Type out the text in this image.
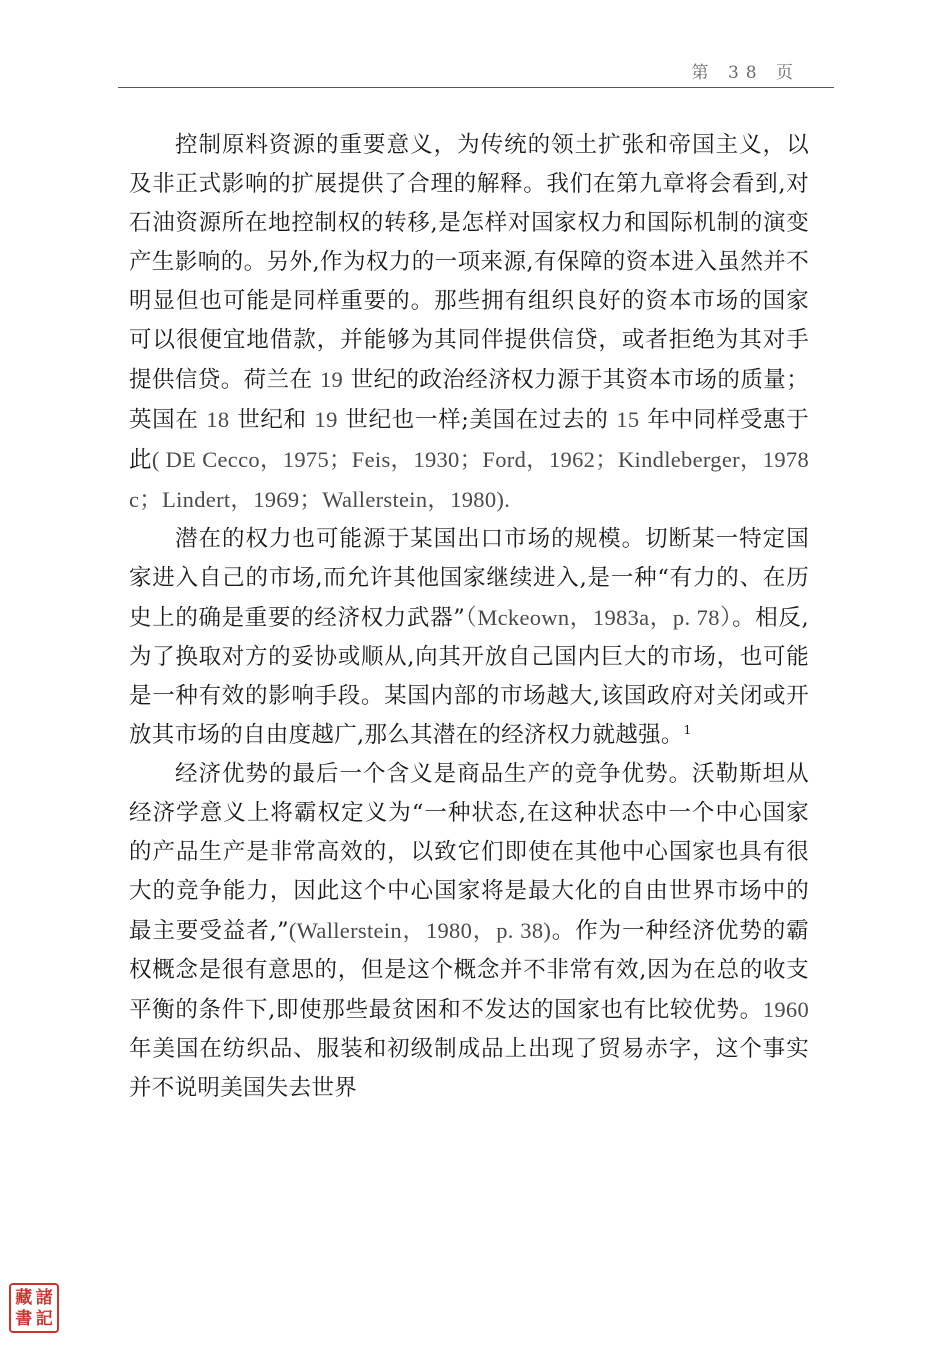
第 38 页

控制原料资源的重要意义，为传统的领土扩张和帝国主义，以及非正式影响的扩展提供了合理的解释。我们在第九章将会看到,对石油资源所在地控制权的转移,是怎样对国家权力和国际机制的演变产生影响的。另外,作为权力的一项来源,有保障的资本进入虽然并不明显但也可能是同样重要的。那些拥有组织良好的资本市场的国家可以很便宜地借款，并能够为其同伴提供信贷，或者拒绝为其对手提供信贷。荷兰在 19 世纪的政治经济权力源于其资本市场的质量；英国在 18 世纪和 19 世纪也一样;美国在过去的 15 年中同样受惠于此( DE Cecco，1975；Feis，1930；Ford，1962；Kindleberger，1978c；Lindert，1969；Wallerstein，1980).

潜在的权力也可能源于某国出口市场的规模。切断某一特定国家进入自己的市场,而允许其他国家继续进入,是一种“有力的、在历史上的确是重要的经济权力武器”（Mckeown，1983a，p. 78）。相反,为了换取对方的妥协或顺从,向其开放自己国内巨大的市场，也可能是一种有效的影响手段。某国内部的市场越大,该国政府对关闭或开放其市场的自由度越广,那么其潜在的经济权力就越强。$^1$

经济优势的最后一个含义是商品生产的竞争优势。沃勒斯坦从经济学意义上将霸权定义为“一种状态,在这种状态中一个中心国家的产品生产是非常高效的，以致它们即使在其他中心国家也具有很大的竞争能力，因此这个中心国家将是最大化的自由世界市场中的最主要受益者,”(Wallerstein，1980，p. 38)。作为一种经济优势的霸权概念是很有意思的，但是这个概念并不非常有效,因为在总的收支平衡的条件下,即使那些最贫困和不发达的国家也有比较优势。1960年美国在纺织品、服装和初级制成品上出现了贸易赤字，这个事实并不说明美国失去世界

藏 諸
書 記
